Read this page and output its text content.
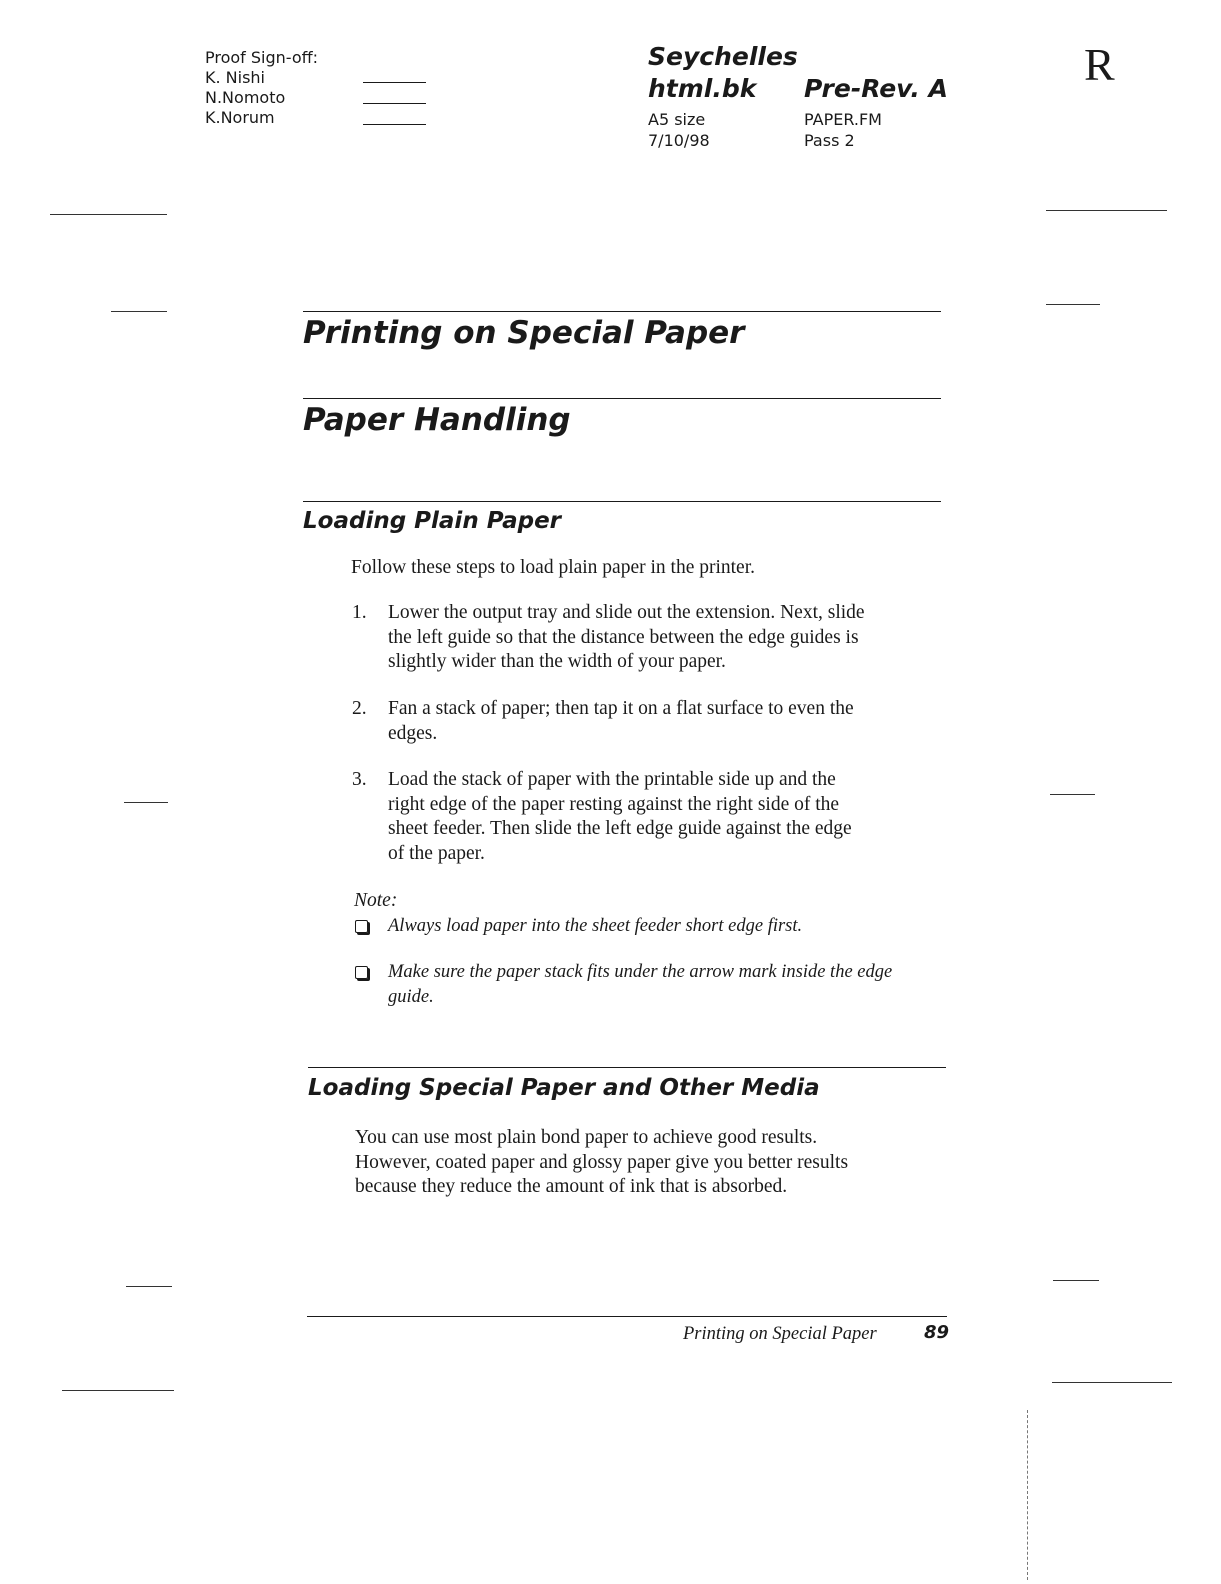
Proof Sign-off:
K. Nishi
N.Nomoto
K.Norum
Seychelles
html.bk Pre-Rev. A
A5 size
7/10/98
PAPER.FM
Pass 2
R
Printing on Special Paper
Paper Handling
Loading Plain Paper
Follow these steps to load plain paper in the printer.
1. Lower the output tray and slide out the extension. Next, slide
the left guide so that the distance between the edge guides is
slightly wider than the width of your paper.
2. Fan a stack of paper; then tap it on a flat surface to even the
edges.
3. Load the stack of paper with the printable side up and the
right edge of the paper resting against the right side of the
sheet feeder. Then slide the left edge guide against the edge
of the paper.
Note:
Always load paper into the sheet feeder short edge first.
Make sure the paper stack fits under the arrow mark inside the edge
guide.
Loading Special Paper and Other Media
You can use most plain bond paper to achieve good results.
However, coated paper and glossy paper give you better results
because they reduce the amount of ink that is absorbed.
Printing on Special Paper	89
